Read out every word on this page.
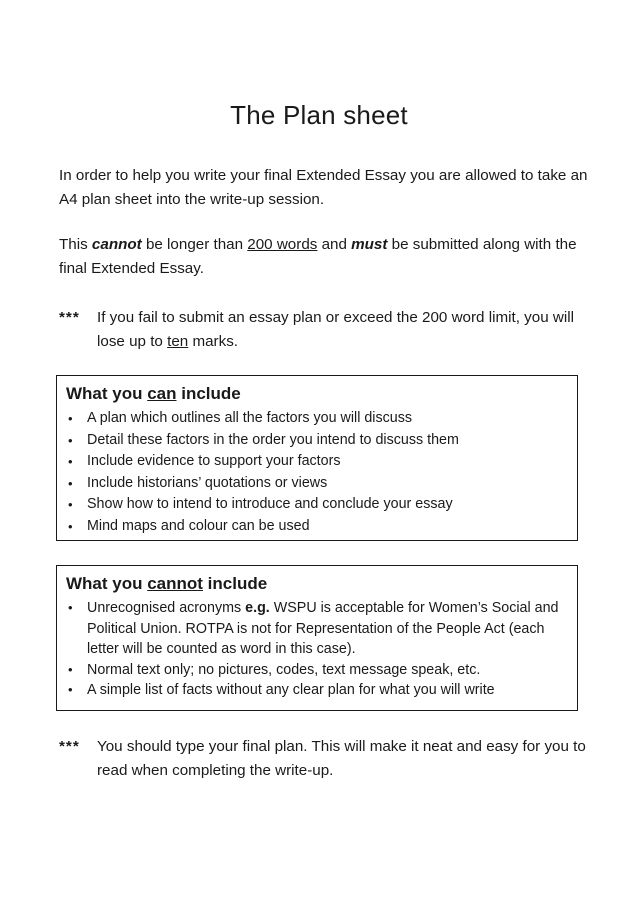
The Plan sheet
In order to help you write your final Extended Essay you are allowed to take an A4 plan sheet into the write-up session.
This cannot be longer than 200 words and must be submitted along with the final Extended Essay.
*** If you fail to submit an essay plan or exceed the 200 word limit, you will lose up to ten marks.
What you can include
• A plan which outlines all the factors you will discuss
• Detail these factors in the order you intend to discuss them
• Include evidence to support your factors
• Include historians’ quotations or views
• Show how to intend to introduce and conclude your essay
• Mind maps and colour can be used
What you cannot include
• Unrecognised acronyms e.g. WSPU is acceptable for Women’s Social and Political Union. ROTPA is not for Representation of the People Act (each letter will be counted as word in this case).
• Normal text only; no pictures, codes, text message speak, etc.
• A simple list of facts without any clear plan for what you will write
*** You should type your final plan. This will make it neat and easy for you to read when completing the write-up.
